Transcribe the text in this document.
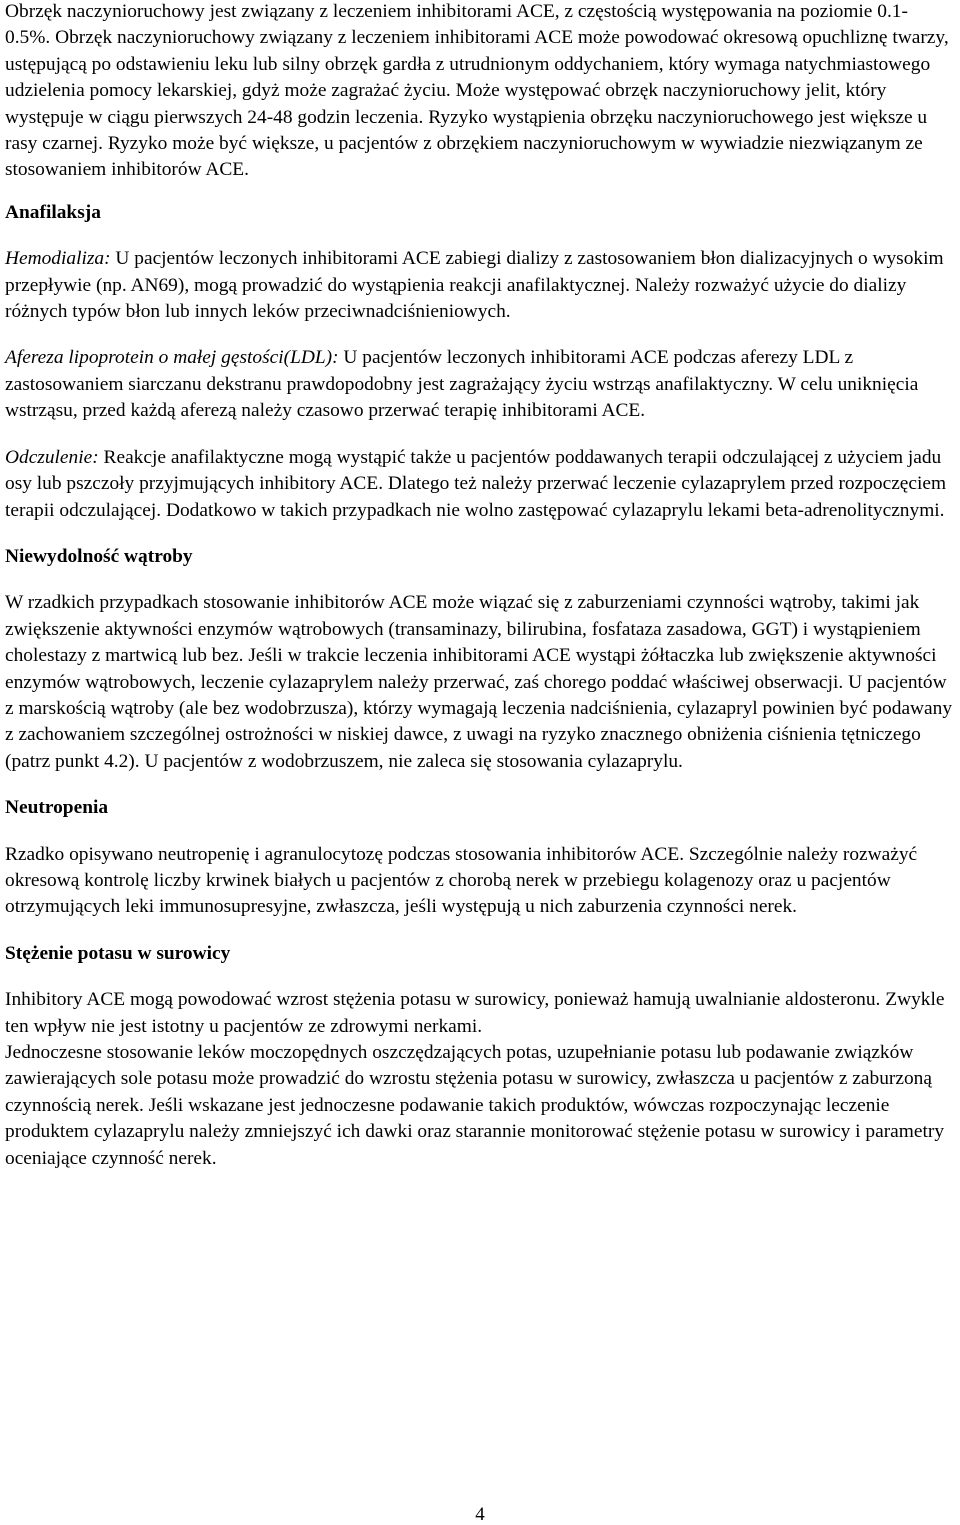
Obrzęk naczynioruchowy jest związany z leczeniem inhibitorami ACE, z częstością występowania na poziomie 0.1-0.5%. Obrzęk naczynioruchowy związany z leczeniem inhibitorami ACE może powodować okresową opuchliznę twarzy, ustępującą po odstawieniu leku lub silny obrzęk gardła z utrudnionym oddychaniem, który wymaga natychmiastowego udzielenia pomocy lekarskiej, gdyż może zagrażać życiu. Może występować obrzęk naczynioruchowy jelit, który występuje w ciągu pierwszych 24-48 godzin leczenia. Ryzyko wystąpienia obrzęku naczynioruchowego jest większe u rasy czarnej. Ryzyko może być większe, u pacjentów z obrzękiem naczynioruchowym w wywiadzie niezwiązanym ze stosowaniem inhibitorów ACE.

Anafilaksja

Hemodializa: U pacjentów leczonych inhibitorami ACE zabiegi dializy z zastosowaniem błon dializacyjnych o wysokim przepływie (np. AN69), mogą prowadzić do wystąpienia reakcji anafilaktycznej. Należy rozważyć użycie do dializy różnych typów błon lub innych leków przeciwnadciśnieniowych.

Afereza lipoprotein o małej gęstości(LDL): U pacjentów leczonych inhibitorami ACE podczas aferezy LDL z zastosowaniem siarczanu dekstranu prawdopodobny jest zagrażający życiu wstrząs anafilaktyczny. W celu uniknięcia wstrząsu, przed każdą aferezą należy czasowo przerwać terapię inhibitorami ACE.

Odczulenie: Reakcje anafilaktyczne mogą wystąpić także u pacjentów poddawanych terapii odczulającej z użyciem jadu osy lub pszczoły przyjmujących inhibitory ACE. Dlatego też należy przerwać leczenie cylazaprylem przed rozpoczęciem terapii odczulającej. Dodatkowo w takich przypadkach nie wolno zastępować cylazaprylu lekami beta-adrenolitycznymi.

Niewydolność wątroby

W rzadkich przypadkach stosowanie inhibitorów ACE może wiązać się z zaburzeniami czynności wątroby, takimi jak zwiększenie aktywności enzymów wątrobowych (transaminazy, bilirubina, fosfataza zasadowa, GGT) i wystąpieniem cholestazy z martwicą lub bez. Jeśli w trakcie leczenia inhibitorami ACE wystąpi żółtaczka lub zwiększenie aktywności enzymów wątrobowych, leczenie cylazaprylem należy przerwać, zaś chorego poddać właściwej obserwacji. U pacjentów z marskością wątroby (ale bez wodobrzusza), którzy wymagają leczenia nadciśnienia, cylazapryl powinien być podawany z zachowaniem szczególnej ostrożności w niskiej dawce, z uwagi na ryzyko znacznego obniżenia ciśnienia tętniczego (patrz punkt 4.2). U pacjentów z wodobrzuszem, nie zaleca się stosowania cylazaprylu.

Neutropenia

Rzadko opisywano neutropenię i agranulocytozę podczas stosowania inhibitorów ACE. Szczególnie należy rozważyć okresową kontrolę liczby krwinek białych u pacjentów z chorobą nerek w przebiegu kolagenozy oraz u pacjentów otrzymujących leki immunosupresyjne, zwłaszcza, jeśli występują u nich zaburzenia czynności nerek.

Stężenie potasu w surowicy

Inhibitory ACE mogą powodować wzrost stężenia potasu w surowicy, ponieważ hamują uwalnianie aldosteronu. Zwykle ten wpływ nie jest istotny u pacjentów ze zdrowymi nerkami.

Jednoczesne stosowanie leków moczopędnych oszczędzających potas, uzupełnianie potasu lub podawanie związków zawierających sole potasu może prowadzić do wzrostu stężenia potasu w surowicy, zwłaszcza u pacjentów z zaburzoną czynnością nerek. Jeśli wskazane jest jednoczesne podawanie takich produktów, wówczas rozpoczynając leczenie produktem cylazaprylu należy zmniejszyć ich dawki oraz starannie monitorować stężenie potasu w surowicy i parametry oceniające czynność nerek.

4
